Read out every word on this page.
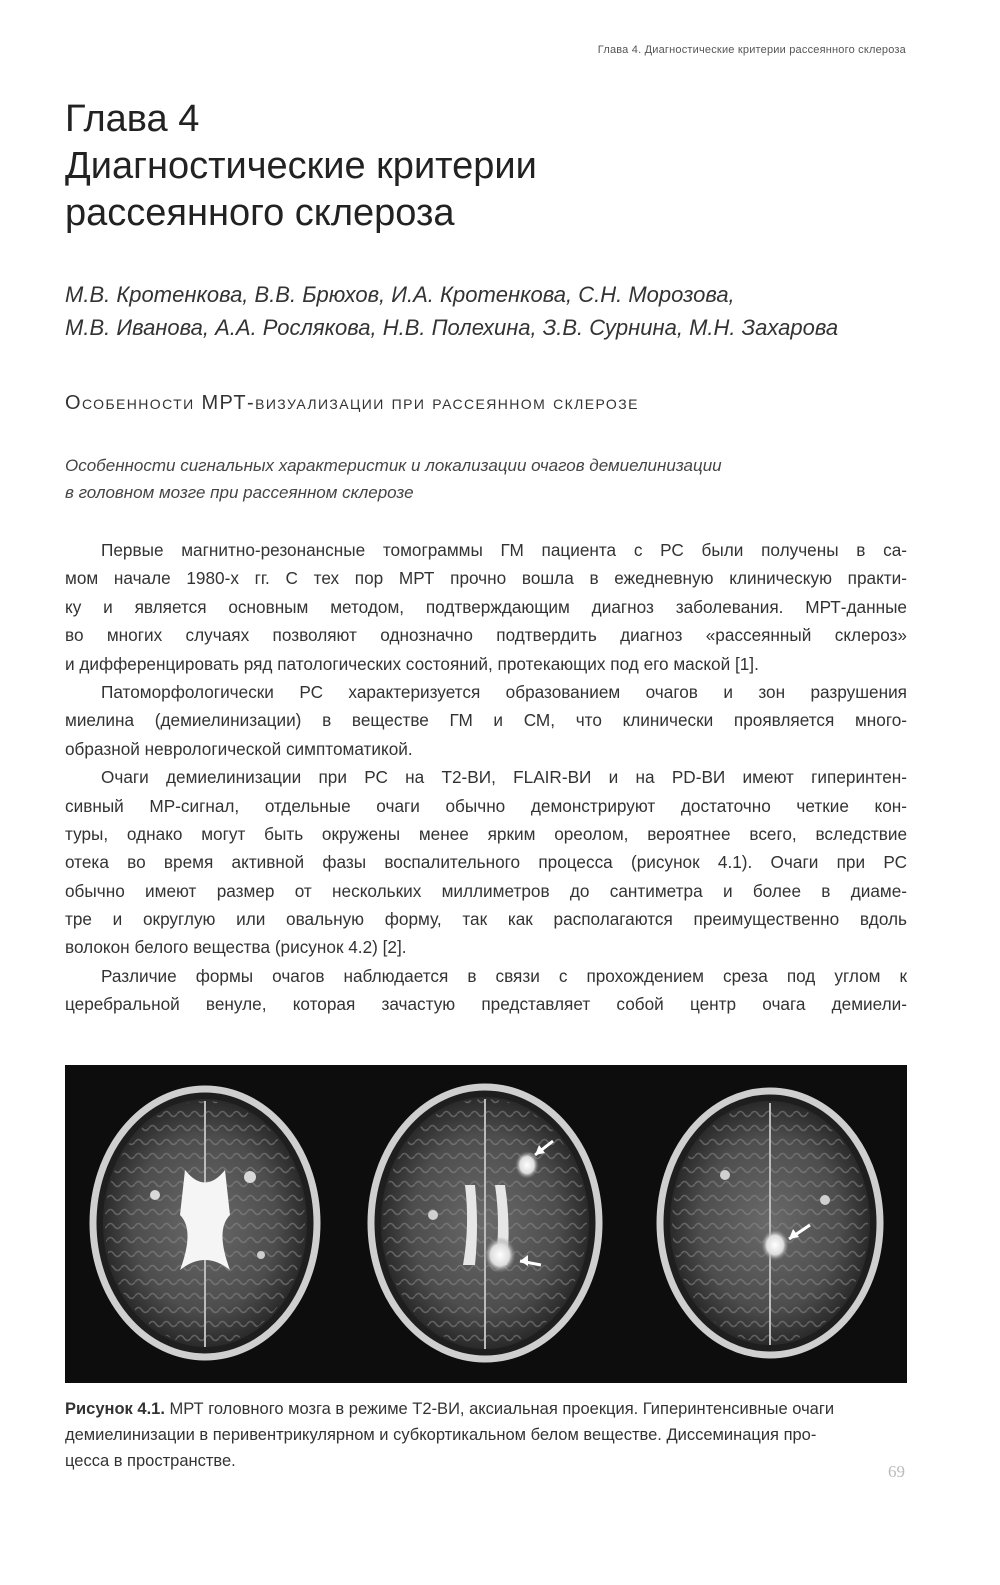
Глава 4. Диагностические критерии рассеянного склероза
Глава 4
Диагностические критерии
рассеянного склероза
М.В. Кротенкова, В.В. Брюхов, И.А. Кротенкова, С.Н. Морозова,
М.В. Иванова, А.А. Рослякова, Н.В. Полехина, З.В. Сурнина, М.Н. Захарова
Особенности МРТ-визуализации при рассеянном склерозе
Особенности сигнальных характеристик и локализации очагов демиелинизации
в головном мозге при рассеянном склерозе
Первые магнитно-резонансные томограммы ГМ пациента с РС были получены в са-
мом начале 1980-х гг. С тех пор МРТ прочно вошла в ежедневную клиническую практи-
ку и является основным методом, подтверждающим диагноз заболевания. МРТ-данные
во многих случаях позволяют однозначно подтвердить диагноз «рассеянный склероз»
и дифференцировать ряд патологических состояний, протекающих под его маской [1].
Патоморфологически РС характеризуется образованием очагов и зон разрушения
миелина (демиелинизации) в веществе ГМ и СМ, что клинически проявляется много-
образной неврологической симптоматикой.
Очаги демиелинизации при РС на Т2-ВИ, FLAIR-ВИ и на PD-ВИ имеют гиперинтен-
сивный МР-сигнал, отдельные очаги обычно демонстрируют достаточно четкие кон-
туры, однако могут быть окружены менее ярким ореолом, вероятнее всего, вследствие
отека во время активной фазы воспалительного процесса (рисунок 4.1). Очаги при РС
обычно имеют размер от нескольких миллиметров до сантиметра и более в диаме-
тре и округлую или овальную форму, так как располагаются преимущественно вдоль
волокон белого вещества (рисунок 4.2) [2].
Различие формы очагов наблюдается в связи с прохождением среза под углом к
церебральной венуле, которая зачастую представляет собой центр очага демиели-
Рисунок 4.1. МРТ головного мозга в режиме Т2-ВИ, аксиальная проекция. Гиперинтенсивные очаги
демиелинизации в перивентрикулярном и субкортикальном белом веществе. Диссеминация про-
цесса в пространстве.
69
